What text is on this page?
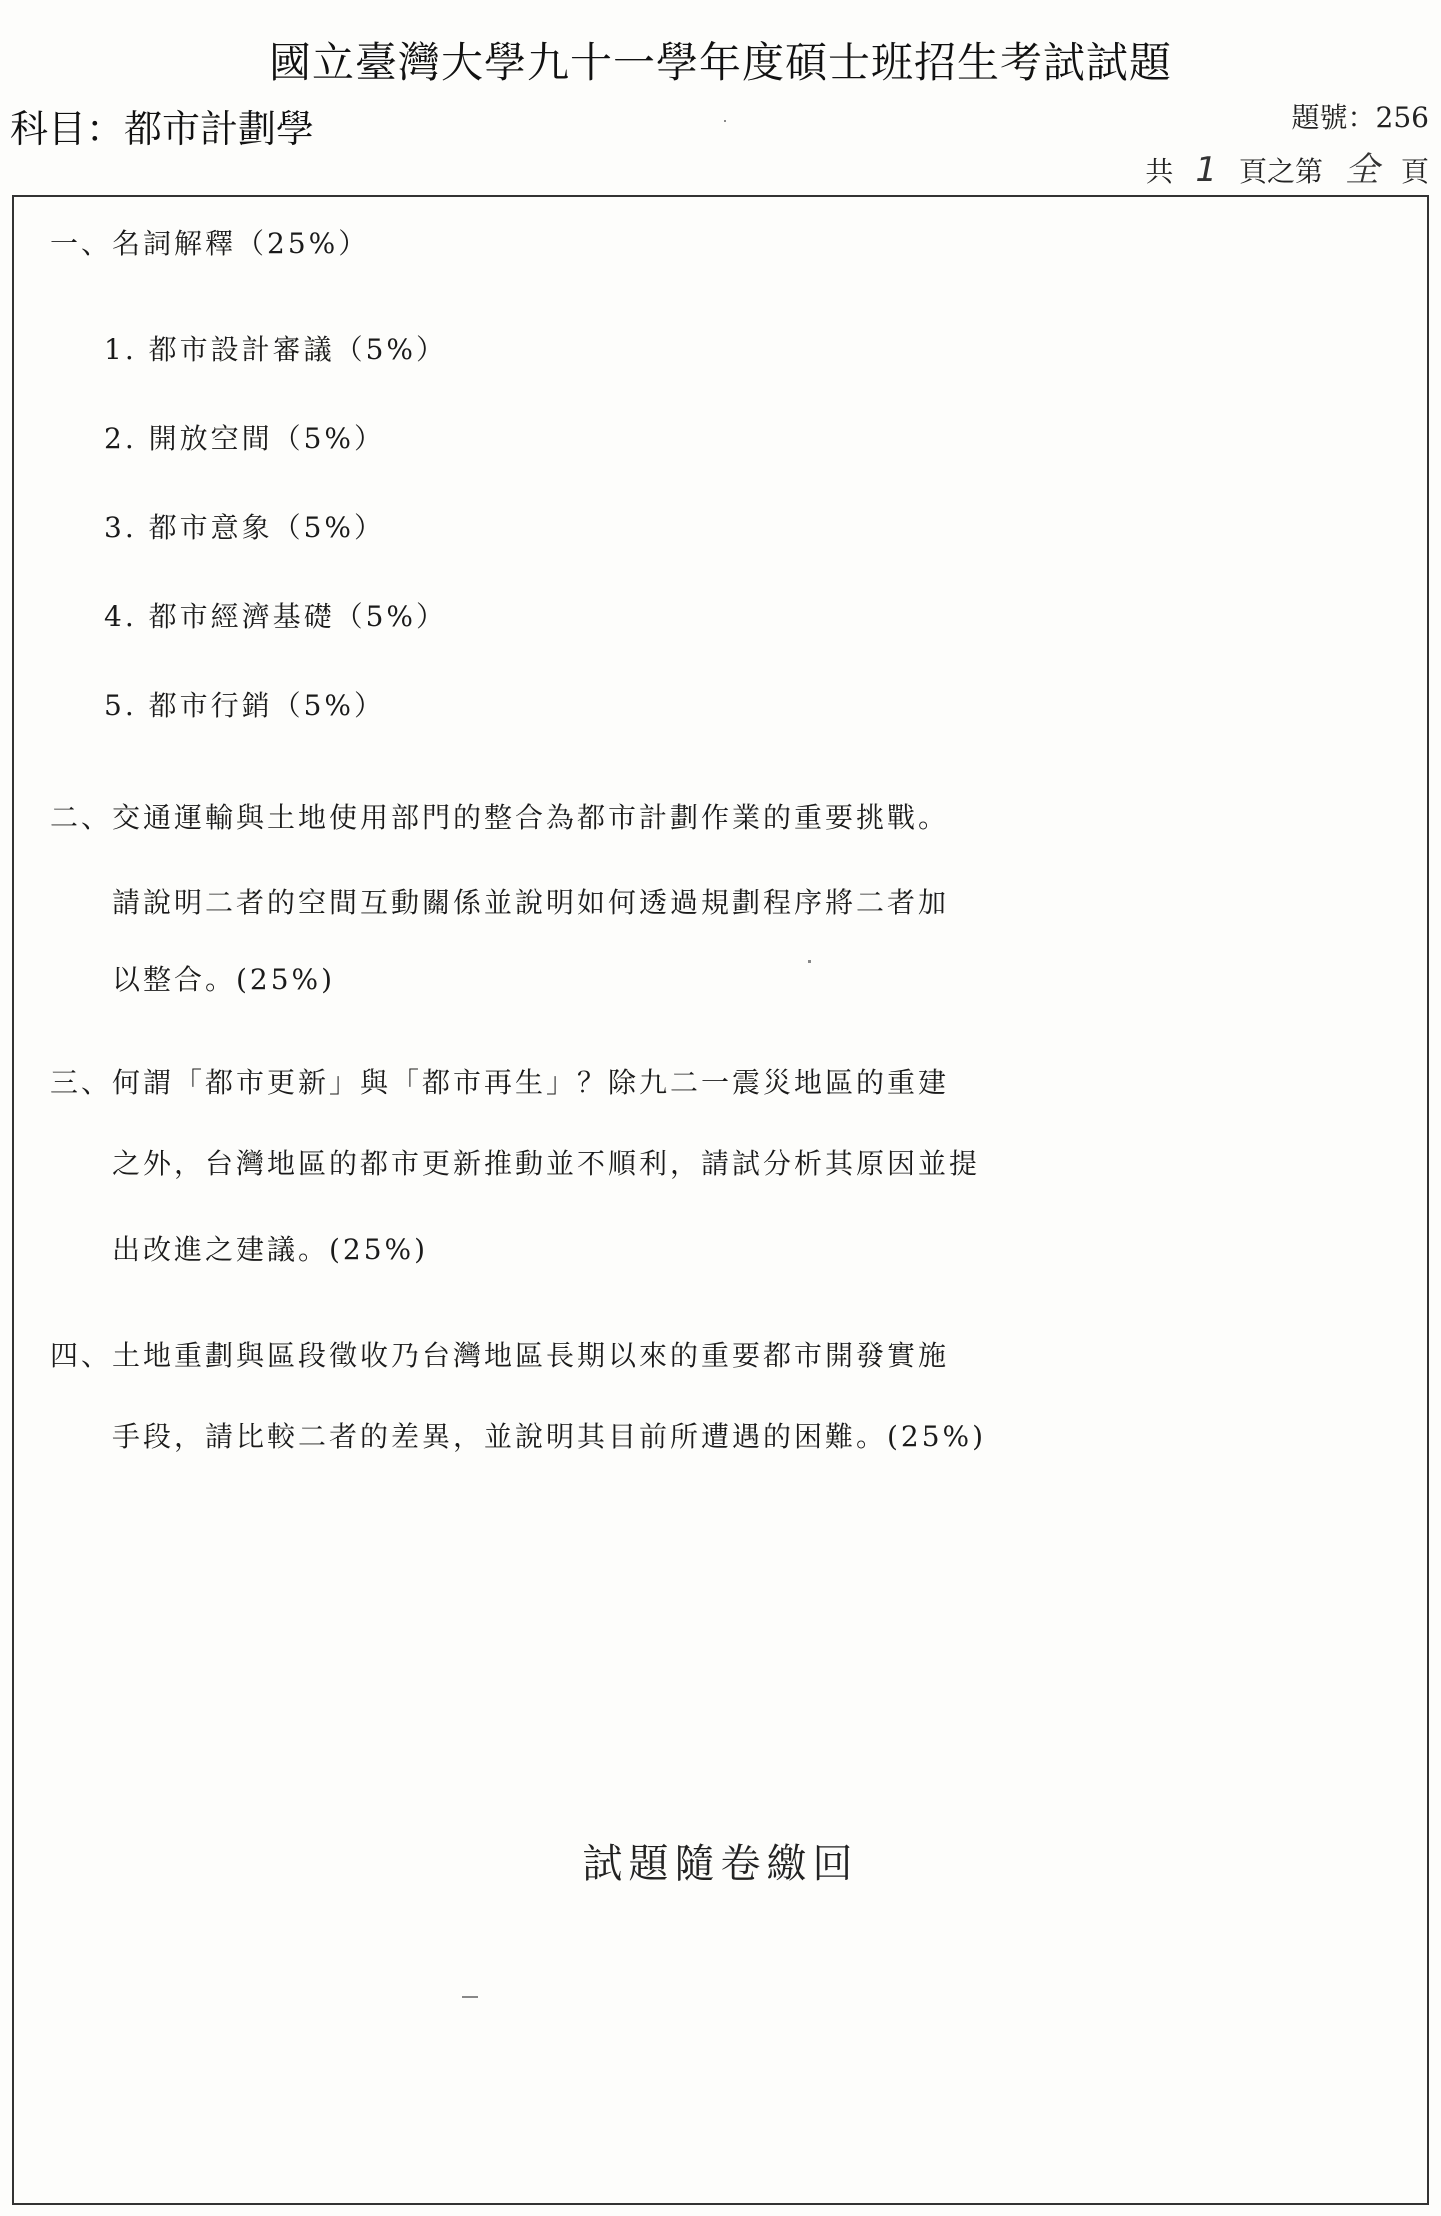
國立臺灣大學九十一學年度碩士班招生考試試題
科目：都市計劃學	題號：256
共 1 頁之第 全 頁
一、名詞解釋（25%）
1. 都市設計審議（5%）
2. 開放空間（5%）
3. 都市意象（5%）
4. 都市經濟基礎（5%）
5. 都市行銷（5%）
二、交通運輸與土地使用部門的整合為都市計劃作業的重要挑戰。
請說明二者的空間互動關係並說明如何透過規劃程序將二者加
以整合。(25%)
三、何謂「都市更新」與「都市再生」？除九二一震災地區的重建
之外，台灣地區的都市更新推動並不順利，請試分析其原因並提
出改進之建議。(25%)
四、土地重劃與區段徵收乃台灣地區長期以來的重要都市開發實施
手段，請比較二者的差異，並說明其目前所遭遇的困難。(25%)
試題隨卷繳回
